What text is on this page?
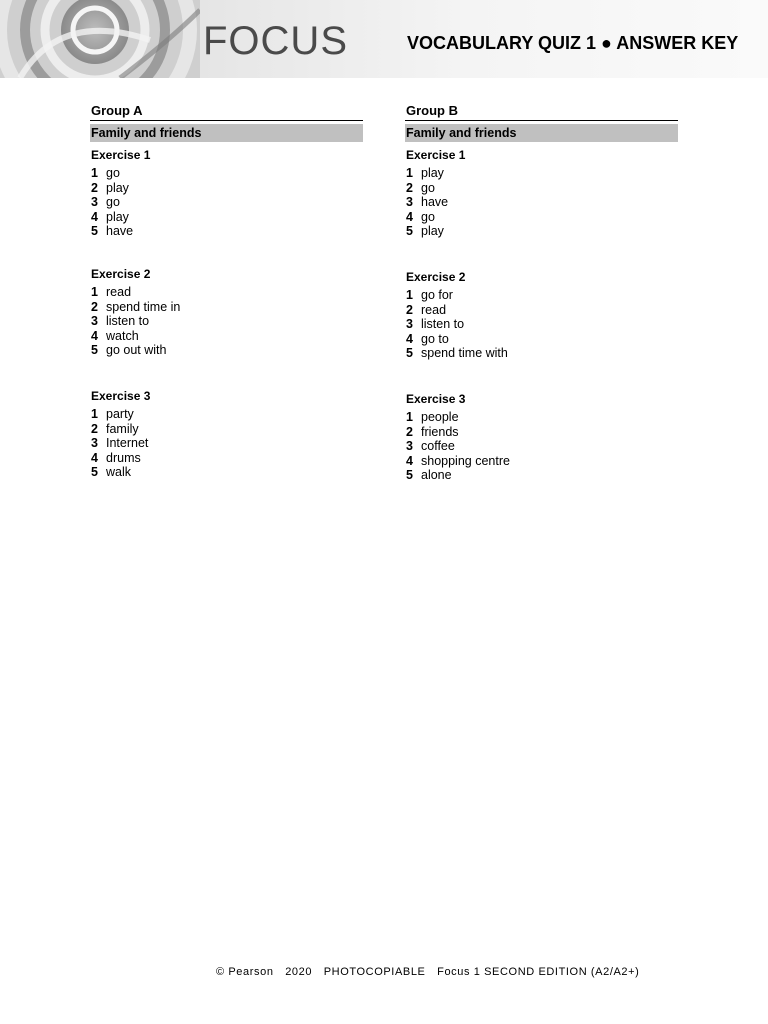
FOCUS	VOCABULARY QUIZ 1 ● ANSWER KEY
Group A
Family and friends
Exercise 1
1 go
2 play
3 go
4 play
5 have
Exercise 2
1 read
2 spend time in
3 listen to
4 watch
5 go out with
Exercise 3
1 party
2 family
3 Internet
4 drums
5 walk
Group B
Family and friends
Exercise 1
1 play
2 go
3 have
4 go
5 play
Exercise 2
1 go for
2 read
3 listen to
4 go to
5 spend time with
Exercise 3
1 people
2 friends
3 coffee
4 shopping centre
5 alone
© Pearson 2020 PHOTOCOPIABLE Focus 1 SECOND EDITION (A2/A2+)
